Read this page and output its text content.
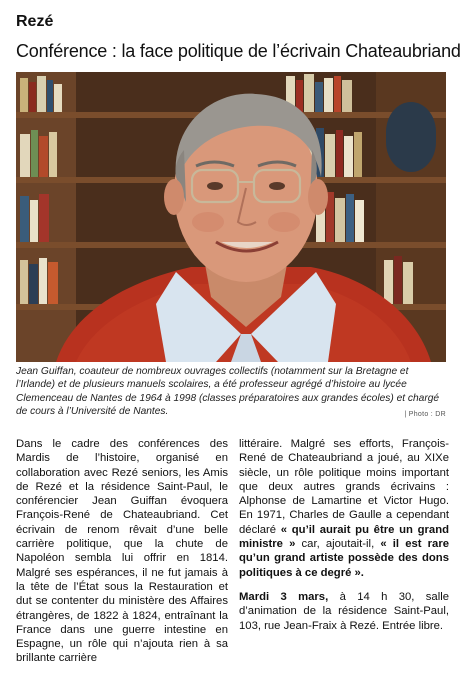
Rezé
Conférence : la face politique de l’écrivain Chateaubriand
Jean Guiffan, coauteur de nombreux ouvrages collectifs (notamment sur la Bretagne et l’Irlande) et de plusieurs manuels scolaires, a été professeur agrégé d’histoire au lycée Clemenceau de Nantes de 1964 à 1998 (classes préparatoires aux grandes écoles) et chargé de cours à l’Université de Nantes.	| Photo : DR

Dans le cadre des conférences des Mardis de l’histoire, organisé en collaboration avec Rezé seniors, les Amis de Rezé et la résidence Saint-Paul, le conférencier Jean Guiffan évoquera François-René de Chateaubriand. Cet écrivain de renom rêvait d’une belle carrière politique, que la chute de Napoléon sembla lui offrir en 1814. Malgré ses espérances, il ne fut jamais à la tête de l’État sous la Restauration et dut se contenter du ministère des Affaires étrangères, de 1822 à 1824, entraînant la France dans une guerre intestine en Espagne, un rôle qui n’ajouta rien à sa brillante carrière

littéraire. Malgré ses efforts, François-René de Chateaubriand a joué, au XIXe siècle, un rôle politique moins important que deux autres grands écrivains : Alphonse de Lamartine et Victor Hugo. En 1971, Charles de Gaulle a cependant déclaré « qu’il aurait pu être un grand ministre » car, ajoutait-il, « il est rare qu’un grand artiste possède des dons politiques à ce degré ».

Mardi 3 mars, à 14 h 30, salle d’animation de la résidence Saint-Paul, 103, rue Jean-Fraix à Rezé. Entrée libre.
